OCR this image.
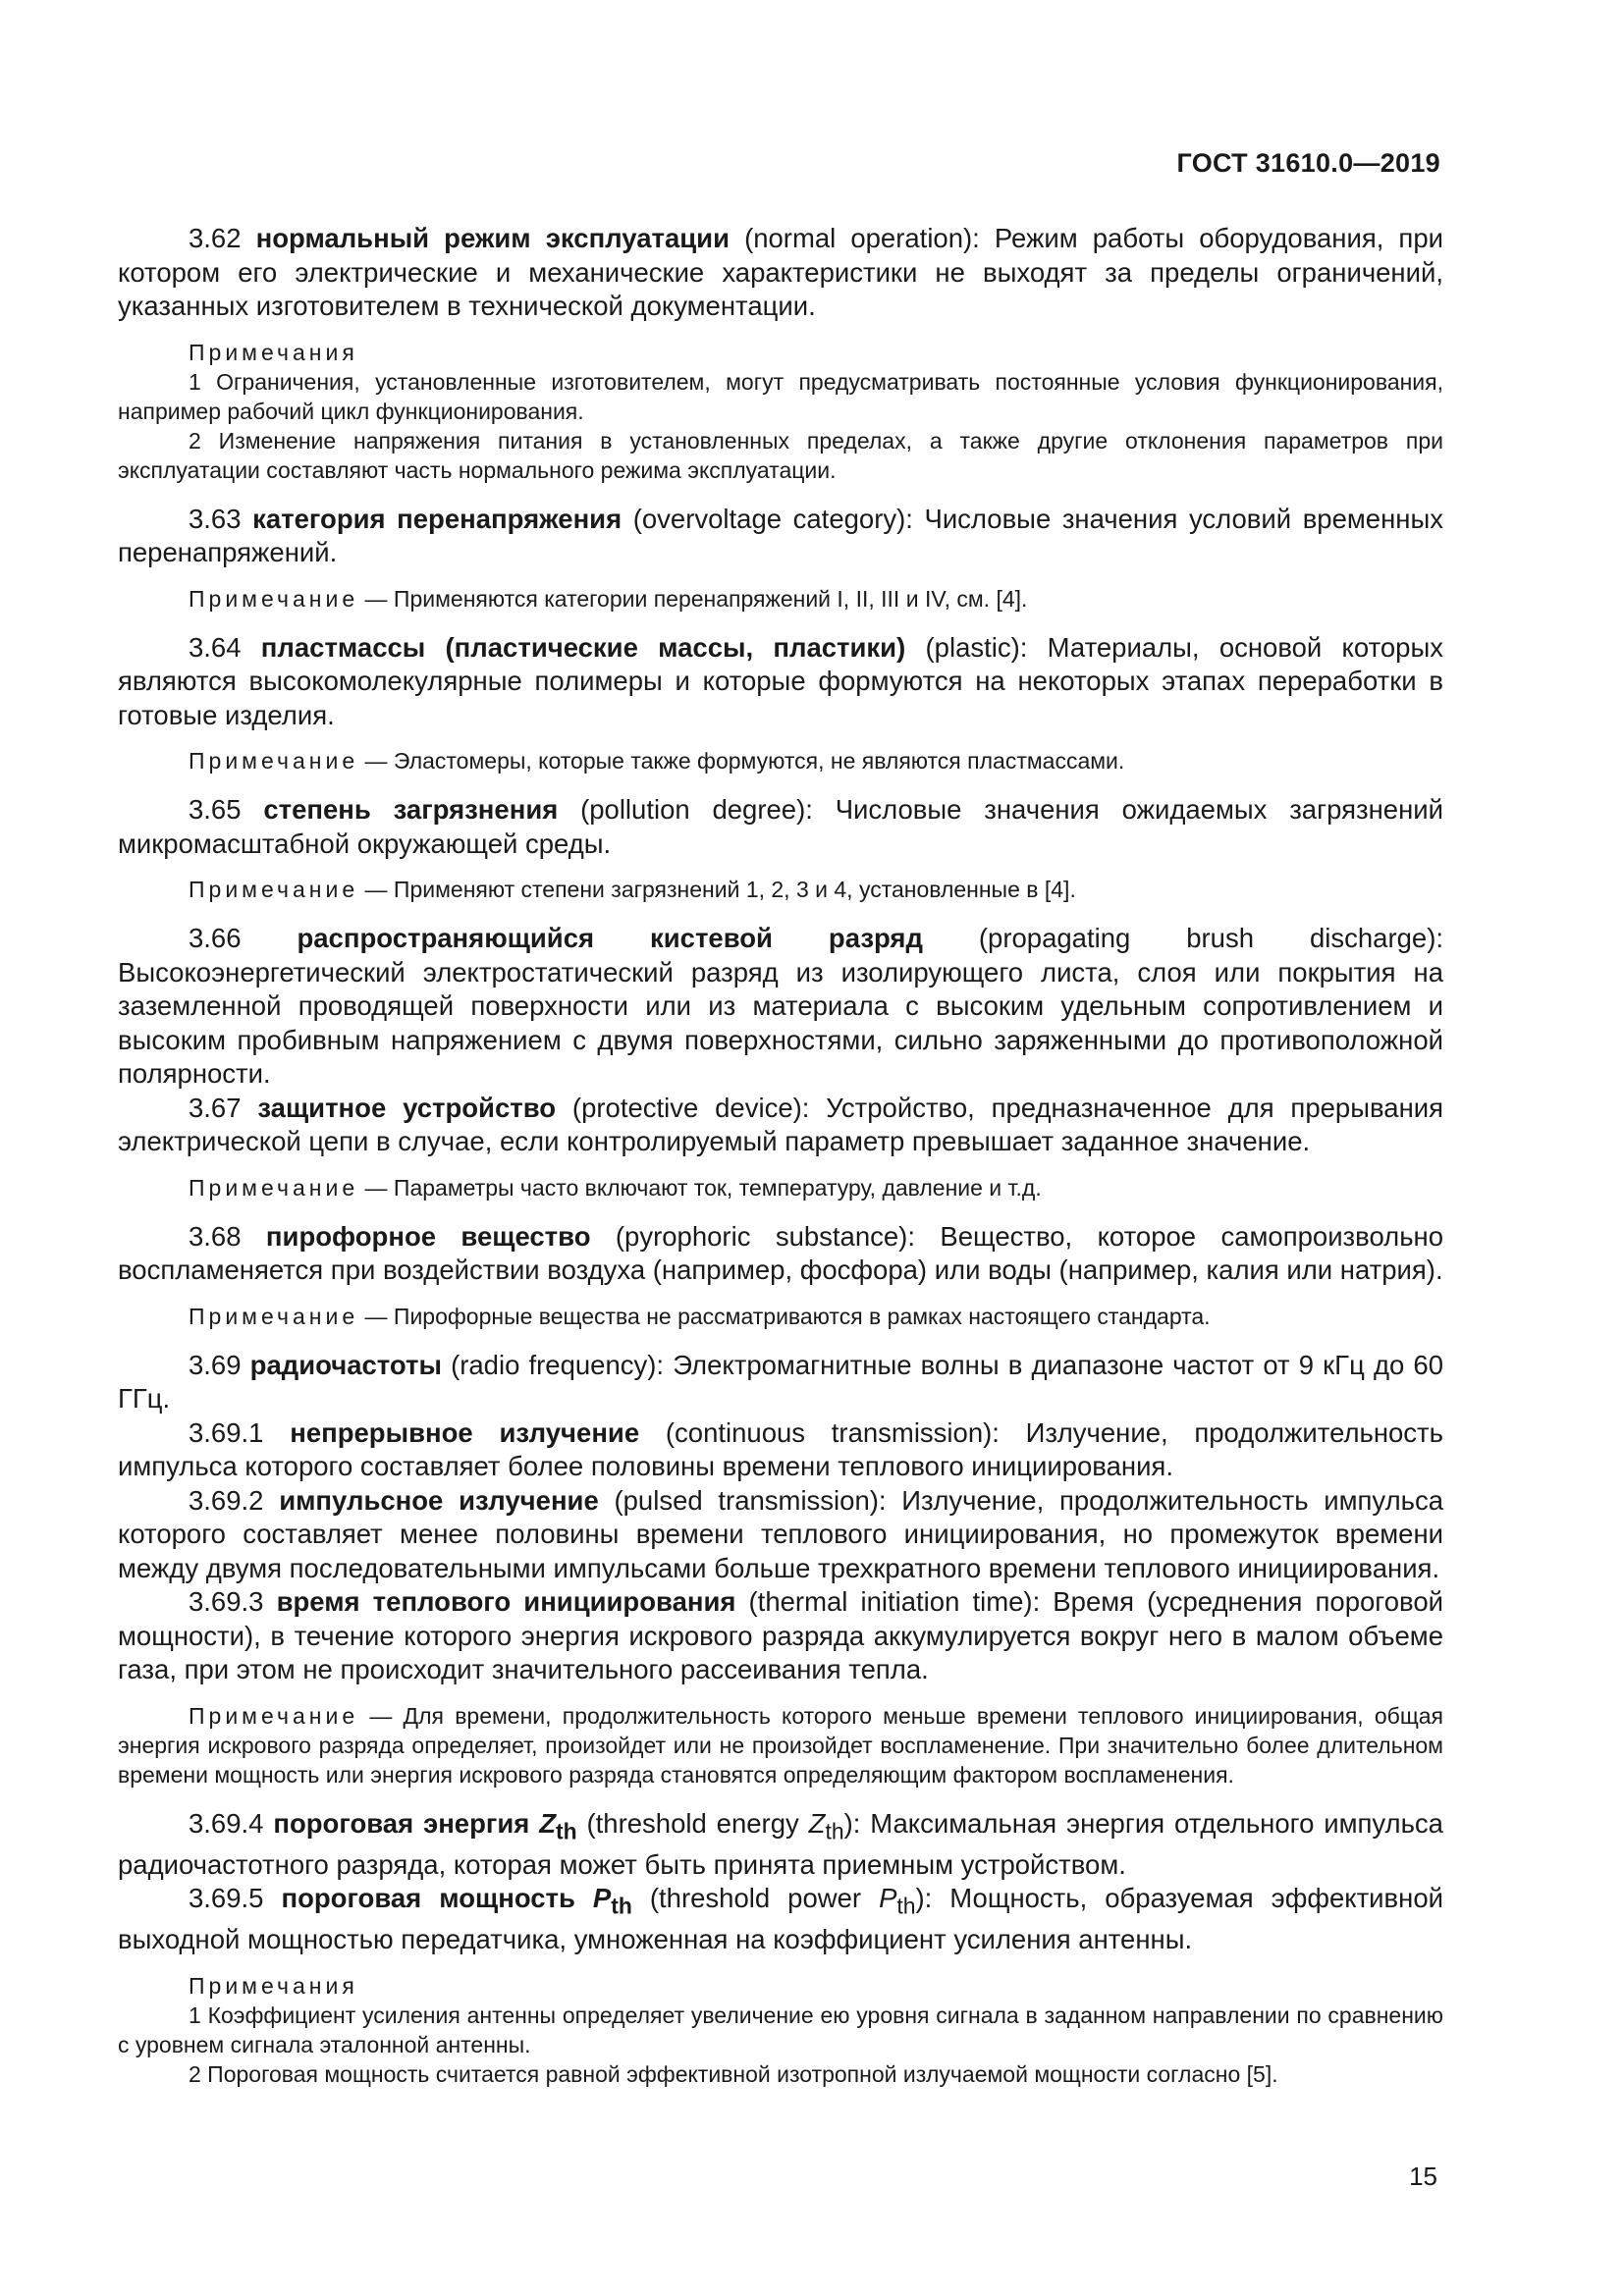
ГОСТ 31610.0—2019

3.62 нормальный режим эксплуатации (normal operation): Режим работы оборудования, при котором его электрические и механические характеристики не выходят за пределы ограничений, указанных изготовителем в технической документации.

Примечания

1 Ограничения, установленные изготовителем, могут предусматривать постоянные условия функционирования, например рабочий цикл функционирования.

2 Изменение напряжения питания в установленных пределах, а также другие отклонения параметров при эксплуатации составляют часть нормального режима эксплуатации.

3.63 категория перенапряжения (overvoltage category): Числовые значения условий временных перенапряжений.

Примечание — Применяются категории перенапряжений I, II, III и IV, см. [4].

3.64 пластмассы (пластические массы, пластики) (plastic): Материалы, основой которых являются высокомолекулярные полимеры и которые формуются на некоторых этапах переработки в готовые изделия.

Примечание — Эластомеры, которые также формуются, не являются пластмассами.

3.65 степень загрязнения (pollution degree): Числовые значения ожидаемых загрязнений микромасштабной окружающей среды.

Примечание — Применяют степени загрязнений 1, 2, 3 и 4, установленные в [4].

3.66 распространяющийся кистевой разряд (propagating brush discharge): Высокоэнергетический электростатический разряд из изолирующего листа, слоя или покрытия на заземленной проводящей поверхности или из материала с высоким удельным сопротивлением и высоким пробивным напряжением с двумя поверхностями, сильно заряженными до противоположной полярности.

3.67 защитное устройство (protective device): Устройство, предназначенное для прерывания электрической цепи в случае, если контролируемый параметр превышает заданное значение.

Примечание — Параметры часто включают ток, температуру, давление и т.д.

3.68 пирофорное вещество (pyrophoric substance): Вещество, которое самопроизвольно воспламеняется при воздействии воздуха (например, фосфора) или воды (например, калия или натрия).

Примечание — Пирофорные вещества не рассматриваются в рамках настоящего стандарта.

3.69 радиочастоты (radio frequency): Электромагнитные волны в диапазоне частот от 9 кГц до 60 ГГц.

3.69.1 непрерывное излучение (continuous transmission): Излучение, продолжительность импульса которого составляет более половины времени теплового инициирования.

3.69.2 импульсное излучение (pulsed transmission): Излучение, продолжительность импульса которого составляет менее половины времени теплового инициирования, но промежуток времени между двумя последовательными импульсами больше трехкратного времени теплового инициирования.

3.69.3 время теплового инициирования (thermal initiation time): Время (усреднения пороговой мощности), в течение которого энергия искрового разряда аккумулируется вокруг него в малом объеме газа, при этом не происходит значительного рассеивания тепла.

Примечание — Для времени, продолжительность которого меньше времени теплового инициирования, общая энергия искрового разряда определяет, произойдет или не произойдет воспламенение. При значительно более длительном времени мощность или энергия искрового разряда становятся определяющим фактором воспламенения.

3.69.4 пороговая энергия $Z_{th}$ (threshold energy $Z_{th}$): Максимальная энергия отдельного импульса радиочастотного разряда, которая может быть принята приемным устройством.

3.69.5 пороговая мощность $P_{th}$ (threshold power $P_{th}$): Мощность, образуемая эффективной выходной мощностью передатчика, умноженная на коэффициент усиления антенны.

Примечания

1 Коэффициент усиления антенны определяет увеличение ею уровня сигнала в заданном направлении по сравнению с уровнем сигнала эталонной антенны.

2 Пороговая мощность считается равной эффективной изотропной излучаемой мощности согласно [5].

15
